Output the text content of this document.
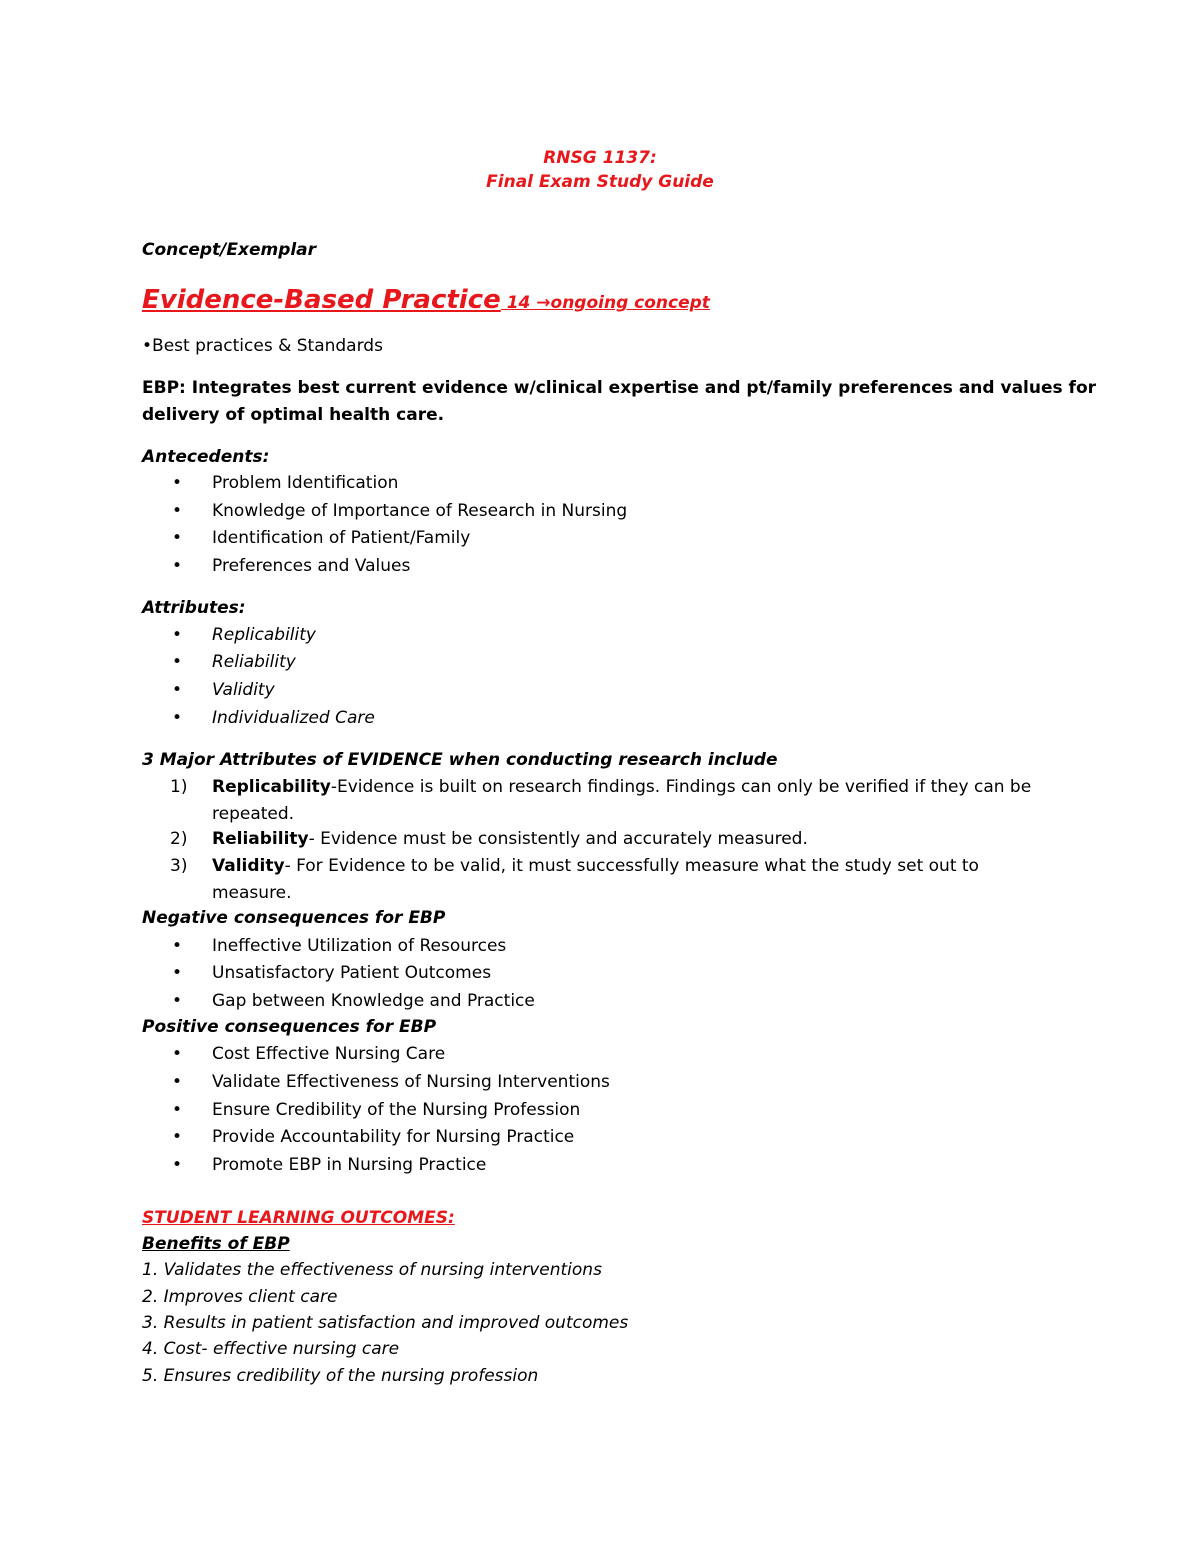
RNSG 1137:
Final Exam Study Guide
Concept/Exemplar
Evidence-Based Practice 14 →ongoing concept
•Best practices & Standards
EBP: Integrates best current evidence w/clinical expertise and pt/family preferences and values for
delivery of optimal health care.
Antecedents:
• Problem Identification
• Knowledge of Importance of Research in Nursing
• Identification of Patient/Family
• Preferences and Values
Attributes:
• Replicability
• Reliability
• Validity
• Individualized Care
3 Major Attributes of EVIDENCE when conducting research include
1) Replicability-Evidence is built on research findings. Findings can only be verified if they can be
repeated.
2) Reliability- Evidence must be consistently and accurately measured.
3) Validity- For Evidence to be valid, it must successfully measure what the study set out to
measure.
Negative consequences for EBP
• Ineffective Utilization of Resources
• Unsatisfactory Patient Outcomes
• Gap between Knowledge and Practice
Positive consequences for EBP
• Cost Effective Nursing Care
• Validate Effectiveness of Nursing Interventions
• Ensure Credibility of the Nursing Profession
• Provide Accountability for Nursing Practice
• Promote EBP in Nursing Practice
STUDENT LEARNING OUTCOMES:
Benefits of EBP
1. Validates the effectiveness of nursing interventions
2. Improves client care
3. Results in patient satisfaction and improved outcomes
4. Cost- effective nursing care
5. Ensures credibility of the nursing profession
